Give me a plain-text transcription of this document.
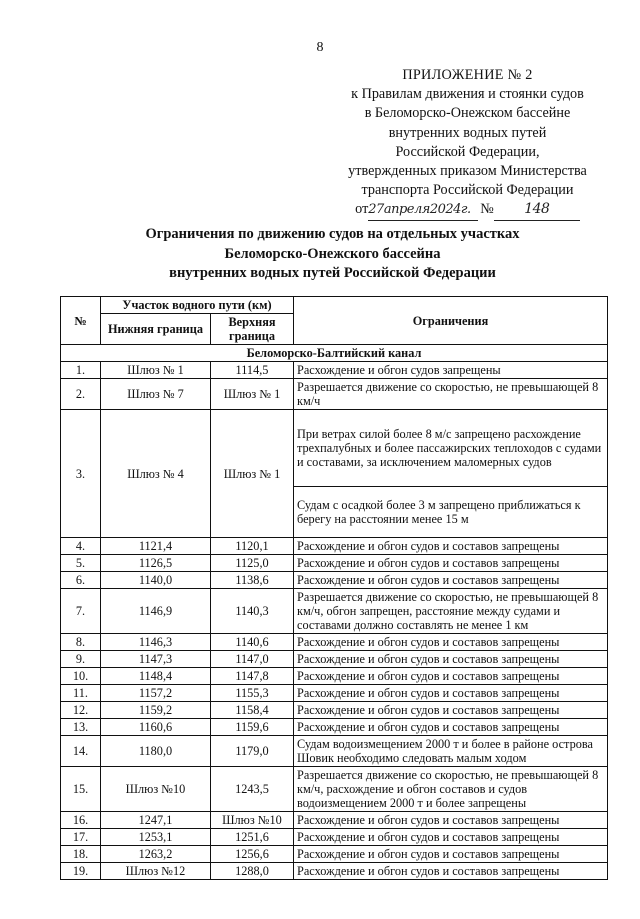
8
ПРИЛОЖЕНИЕ № 2
к Правилам движения и стоянки судов
в Беломорско-Онежском бассейне
внутренних водных путей
Российской Федерации,
утвержденных приказом Министерства
транспорта Российской Федерации
от27апреля2024г. № 148
Ограничения по движению судов на отдельных участках
Беломорско-Онежского бассейна
внутренних водных путей Российской Федерации
№	Участок водного пути (км)		Ограничения
	Нижняя граница	Верхняя граница	
Беломорско-Балтийский канал			
1.	Шлюз № 1	1114,5	Расхождение и обгон судов запрещены
2.	Шлюз № 7	Шлюз № 1	Разрешается движение со скоростью, не превышающей 8 км/ч
3.	Шлюз № 4	Шлюз № 1	При ветрах силой более 8 м/с запрещено расхождение трехпалубных и более пассажирских теплоходов с судами и составами, за исключением маломерных судов
			Судам с осадкой более 3 м запрещено приближаться к берегу на расстоянии менее 15 м
4.	1121,4	1120,1	Расхождение и обгон судов и составов запрещены
5.	1126,5	1125,0	Расхождение и обгон судов и составов запрещены
6.	1140,0	1138,6	Расхождение и обгон судов и составов запрещены
7.	1146,9	1140,3	Разрешается движение со скоростью, не превышающей 8 км/ч, обгон запрещен, расстояние между судами и составами должно составлять не менее 1 км
8.	1146,3	1140,6	Расхождение и обгон судов и составов запрещены
9.	1147,3	1147,0	Расхождение и обгон судов и составов запрещены
10.	1148,4	1147,8	Расхождение и обгон судов и составов запрещены
11.	1157,2	1155,3	Расхождение и обгон судов и составов запрещены
12.	1159,2	1158,4	Расхождение и обгон судов и составов запрещены
13.	1160,6	1159,6	Расхождение и обгон судов и составов запрещены
14.	1180,0	1179,0	Судам водоизмещением 2000 т и более в районе острова Шовик необходимо следовать малым ходом
15.	Шлюз №10	1243,5	Разрешается движение со скоростью, не превышающей 8 км/ч, расхождение и обгон составов и судов водоизмещением 2000 т и более запрещены
16.	1247,1	Шлюз №10	Расхождение и обгон судов и составов запрещены
17.	1253,1	1251,6	Расхождение и обгон судов и составов запрещены
18.	1263,2	1256,6	Расхождение и обгон судов и составов запрещены
19.	Шлюз №12	1288,0	Расхождение и обгон судов и составов запрещены
